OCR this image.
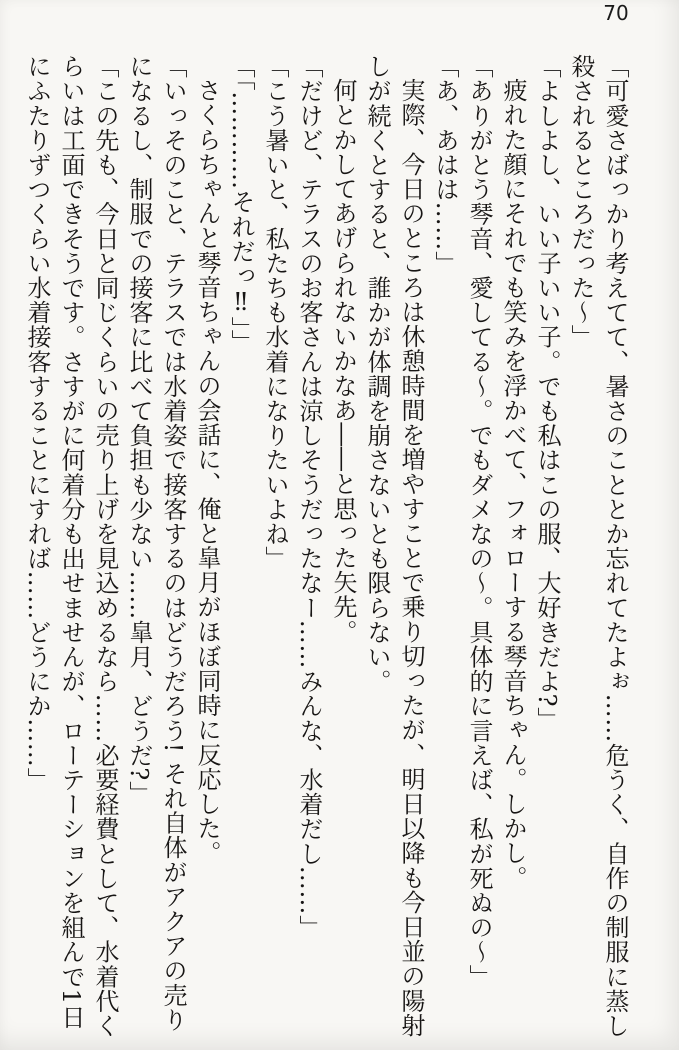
70

「可愛さばっかり考えてて、暑さのこととか忘れてたよぉ……危うく、自作の制服に蒸し殺されるところだった〜」

「よしよし、いい子いい子。でも私はこの服、大好きだよ?」

疲れた顔にそれでも笑みを浮かべて、フォローする琴音ちゃん。しかし。

「ありがとう琴音、愛してる〜。でもダメなの〜。具体的に言えば、私が死ぬの〜」

「あ、あはは……」

実際、今日のところは休憩時間を増やすことで乗り切ったが、明日以降も今日並の陽射しが続くとすると、誰かが体調を崩さないとも限らない。

何とかしてあげられないかなあ――と思った矢先。

「だけど、テラスのお客さんは涼しそうだったなー……みんな、水着だし……」

「こう暑いと、私たちも水着になりたいよね」

「「…………それだっ‼」」

さくらちゃんと琴音ちゃんの会話に、俺と皐月がほぼ同時に反応した。

「いっそのこと、テラスでは水着姿で接客するのはどうだろう! それ自体がアクアの売りになるし、制服での接客に比べて負担も少ない……皐月、どうだ?」

「この先も、今日と同じくらいの売り上げを見込めるなら……必要経費として、水着代くらいは工面できそうです。さすがに何着分も出せませんが、ローテーションを組んで1日にふたりずつくらい水着接客することにすれば……どうにか……」
